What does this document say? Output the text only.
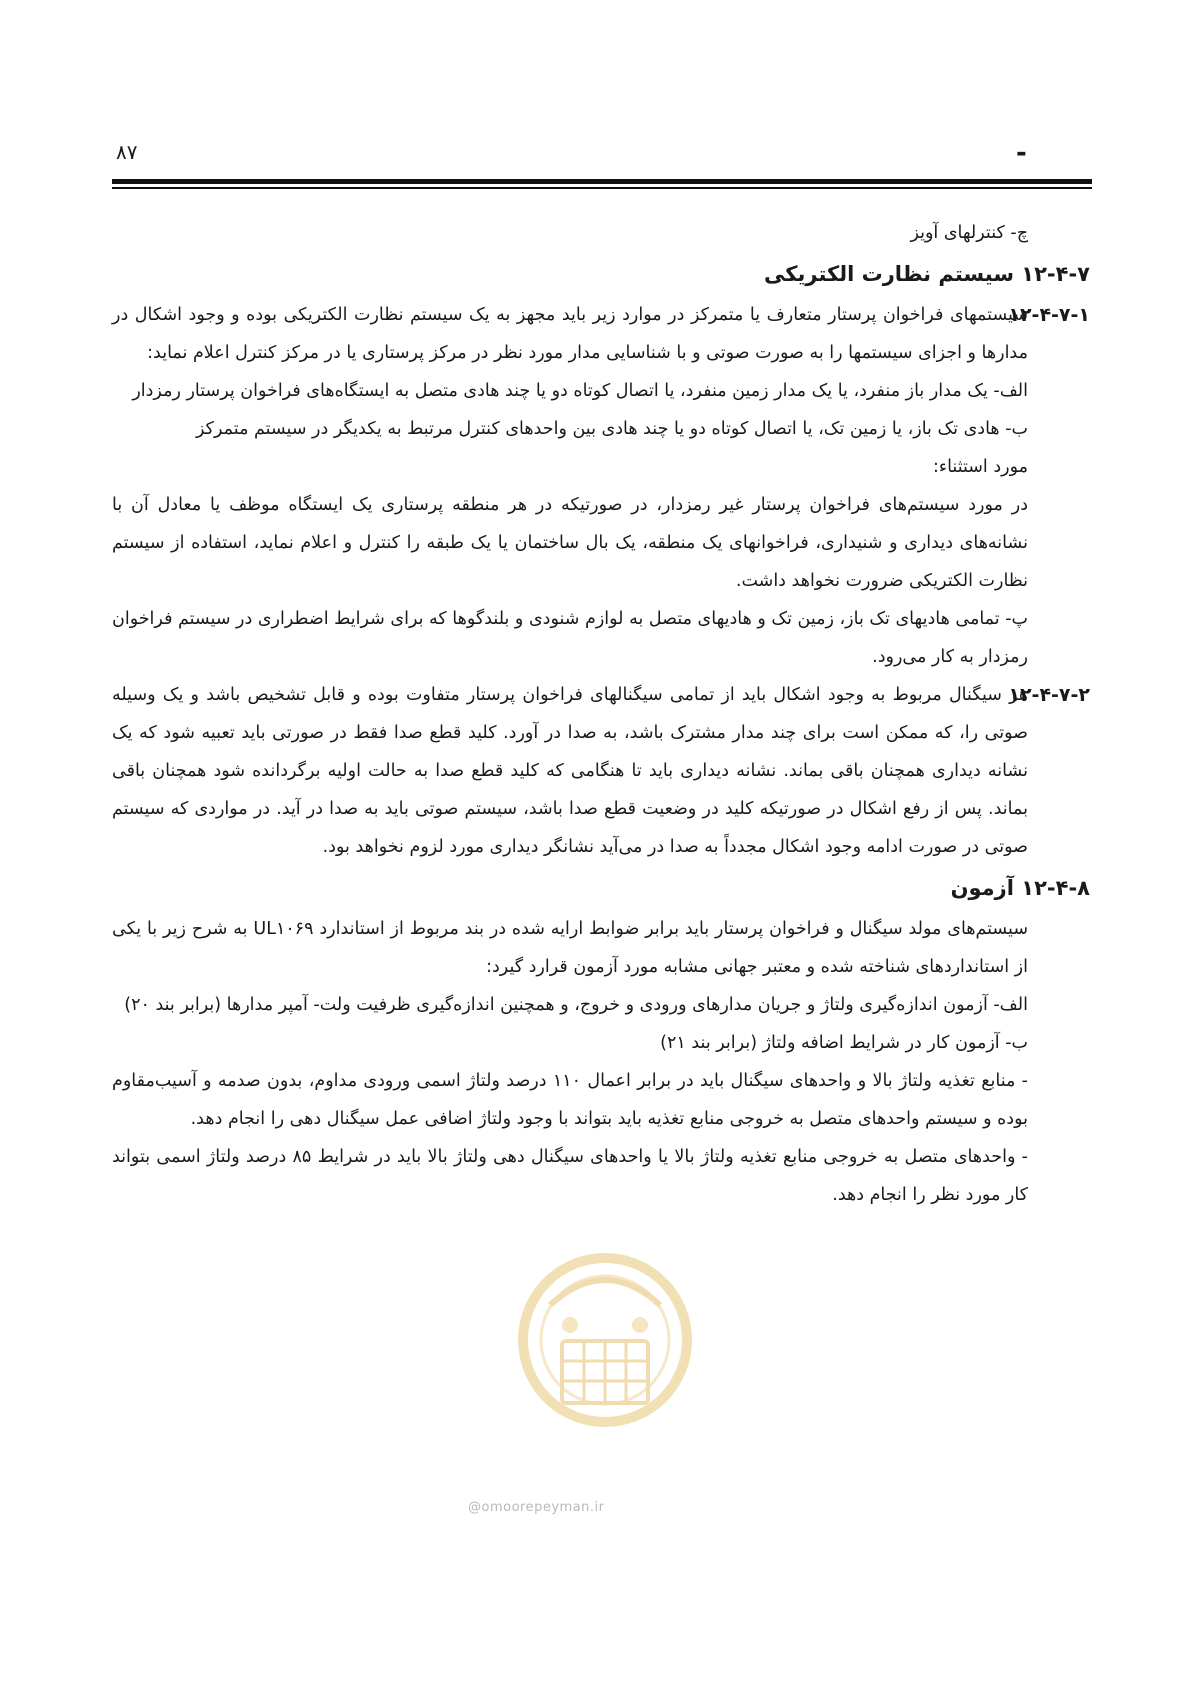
۸۷	-

چ- کنترلهای آویز

۱۲-۴-۷ سیستم نظارت الکتریکی

۱۲-۴-۷-۱

سیستمهای فراخوان پرستار متعارف یا متمرکز در موارد زیر باید مجهز به یک سیستم نظارت الکتریکی بوده و وجود اشکال در مدارها و اجزای سیستمها را به صورت صوتی و با شناسایی مدار مورد نظر در مرکز پرستاری یا در مرکز کنترل اعلام نماید:

الف- یک مدار باز منفرد، یا یک مدار زمین منفرد، یا اتصال کوتاه دو یا چند هادی متصل به ایستگاه‌های فراخوان پرستار رمزدار

ب- هادی تک باز، یا زمین تک، یا اتصال کوتاه دو یا چند هادی بین واحدهای کنترل مرتبط به یکدیگر در سیستم متمرکز

مورد استثناء:

در مورد سیستم‌های فراخوان پرستار غیر رمزدار، در صورتیکه در هر منطقه پرستاری یک ایستگاه موظف یا معادل آن با نشانه‌های دیداری و شنیداری، فراخوانهای یک منطقه، یک بال ساختمان یا یک طبقه را کنترل و اعلام نماید، استفاده از سیستم نظارت الکتریکی ضرورت نخواهد داشت.

پ- تمامی هادیهای تک باز، زمین تک و هادیهای متصل به لوازم شنودی و بلندگوها که برای شرایط اضطراری در سیستم فراخوان رمزدار به کار می‌رود.

۱۲-۴-۷-۲

هر سیگنال مربوط به وجود اشکال باید از تمامی سیگنالهای فراخوان پرستار متفاوت بوده و قابل تشخیص باشد و یک وسیله صوتی را، که ممکن است برای چند مدار مشترک باشد، به صدا در آورد. کلید قطع صدا فقط در صورتی باید تعبیه شود که یک نشانه دیداری همچنان باقی بماند. نشانه دیداری باید تا هنگامی که کلید قطع صدا به حالت اولیه برگردانده شود همچنان باقی بماند. پس از رفع اشکال در صورتیکه کلید در وضعیت قطع صدا باشد، سیستم صوتی باید به صدا در آید. در مواردی که سیستم صوتی در صورت ادامه وجود اشکال مجدداً به صدا در می‌آید نشانگر دیداری مورد لزوم نخواهد بود.

۱۲-۴-۸ آزمون

سیستم‌های مولد سیگنال و فراخوان پرستار باید برابر ضوابط ارایه شده در بند مربوط از استاندارد UL۱۰۶۹ به شرح زیر با یکی از استانداردهای شناخته شده و معتبر جهانی مشابه مورد آزمون قرارد گیرد:

الف- آزمون اندازه‌گیری ولتاژ و جریان مدارهای ورودی و خروج، و همچنین اندازه‌گیری ظرفیت ولت- آمپر مدارها (برابر بند ۲۰)

ب- آزمون کار در شرایط اضافه ولتاژ (برابر بند ۲۱)

- منابع تغذیه ولتاژ بالا و واحدهای سیگنال باید در برابر اعمال ۱۱۰ درصد ولتاژ اسمی ورودی مداوم، بدون صدمه و آسیب‌مقاوم بوده و سیستم واحدهای متصل به خروجی منابع تغذیه باید بتواند با وجود ولتاژ اضافی عمل سیگنال دهی را انجام دهد.

- واحدهای متصل به خروجی منابع تغذیه ولتاژ بالا یا واحدهای سیگنال دهی ولتاژ بالا باید در شرایط ۸۵ درصد ولتاژ اسمی بتواند کار مورد نظر را انجام دهد.

@omoorepeyman.ir
